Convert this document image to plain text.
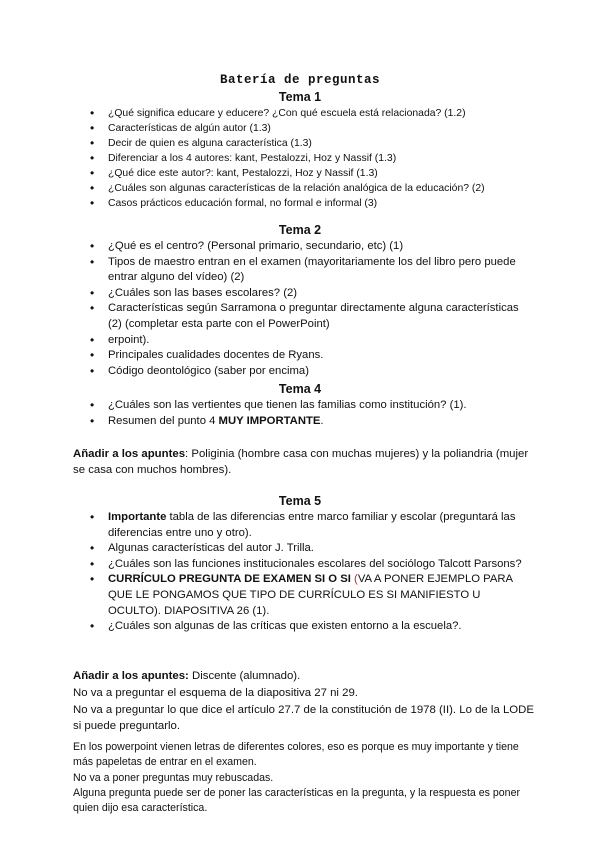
Batería de preguntas
Tema 1
• ¿Qué significa educare y educere? ¿Con qué escuela está relacionada? (1.2)
• Características de algún autor (1.3)
• Decir de quien es alguna característica (1.3)
• Diferenciar a los 4 autores: kant, Pestalozzi, Hoz y Nassif (1.3)
• ¿Qué dice este autor?: kant, Pestalozzi, Hoz y Nassif (1.3)
• ¿Cuáles son algunas características de la relación analógica de la educación? (2)
• Casos prácticos educación formal, no formal e informal (3)
Tema 2
• ¿Qué es el centro? (Personal primario, secundario, etc) (1)
• Tipos de maestro entran en el examen (mayoritariamente los del libro pero puede entrar alguno del vídeo) (2)
• ¿Cuáles son las bases escolares? (2)
• Características según Sarramona o preguntar directamente alguna características (2) (completar esta parte con el PowerPoint)
• erpoint).
• Principales cualidades docentes de Ryans.
• Código deontológico (saber por encima)
Tema 4
• ¿Cuáles son las vertientes que tienen las familias como institución? (1).
• Resumen del punto 4 MUY IMPORTANTE.

Añadir a los apuntes: Poliginia (hombre casa con muchas mujeres) y la poliandria (mujer se casa con muchos hombres).

Tema 5
• Importante tabla de las diferencias entre marco familiar y escolar (preguntará las diferencias entre uno y otro).
• Algunas características del autor J. Trilla.
• ¿Cuáles son las funciones institucionales escolares del sociólogo Talcott Parsons?
• CURRÍCULO PREGUNTA DE EXAMEN SI O SI (VA A PONER EJEMPLO PARA QUE LE PONGAMOS QUE TIPO DE CURRÍCULO ES SI MANIFIESTO U OCULTO). DIAPOSITIVA 26 (1).
• ¿Cuáles son algunas de las críticas que existen entorno a la escuela?.

Añadir a los apuntes: Discente (alumnado).

No va a preguntar el esquema de la diapositiva 27 ni 29.

No va a preguntar lo que dice el artículo 27.7 de la constitución de 1978 (II). Lo de la LODE si puede preguntarlo.

En los powerpoint vienen letras de diferentes colores, eso es porque es muy importante y tiene más papeletas de entrar en el examen.

No va a poner preguntas muy rebuscadas.

Alguna pregunta puede ser de poner las características en la pregunta, y la respuesta es poner quien dijo esa característica.
